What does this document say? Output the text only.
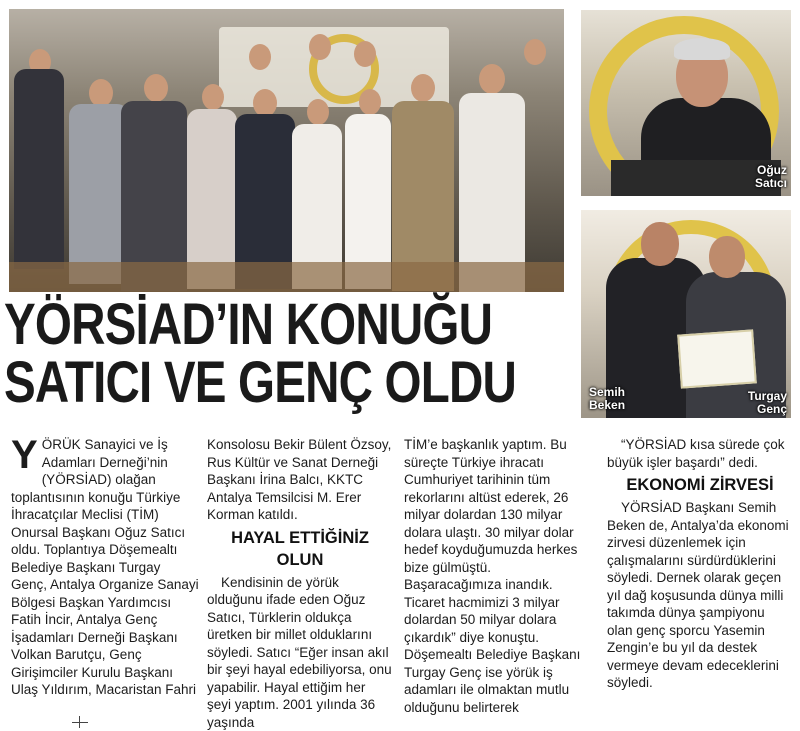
Oğuz
Satıcı
Semih
Beken
Turgay
Genç
YÖRSİAD’IN KONUĞU
SATICI VE GENÇ OLDU
Y ÖRÜK Sanayici ve İş Adamları Derneği’nin (YÖRSİAD) olağan toplantısının konuğu Türkiye İhracatçılar Meclisi (TİM) Onursal Başkanı Oğuz Satıcı oldu. Toplantıya Döşemealtı Belediye Başkanı Turgay Genç, Antalya Organize Sanayi Bölgesi Başkan Yardımcısı Fatih İncir, Antalya Genç İşadamları Derneği Başkanı Volkan Barutçu, Genç Girişimciler Kurulu Başkanı Ulaş Yıldırım, Macaristan Fahri

Konsolosu Bekir Bülent Özsoy, Rus Kültür ve Sanat Derneği Başkanı İrina Balcı, KKTC Antalya Temsilcisi M. Erer Korman katıldı.

HAYAL ETTİĞİNİZ OLUN

Kendisinin de yörük olduğunu ifade eden Oğuz Satıcı, Türklerin oldukça üretken bir millet olduklarını söyledi. Satıcı “Eğer insan akıl bir şeyi hayal edebiliyorsa, onu yapabilir. Hayal ettiğim her şeyi yaptım. 2001 yılında 36 yaşında

TİM’e başkanlık yaptım. Bu süreçte Türkiye ihracatı Cumhuriyet tarihinin tüm rekorlarını altüst ederek, 26 milyar dolardan 130 milyar dolara ulaştı. 30 milyar dolar hedef koyduğumuzda herkes bize gülmüştü. Başaracağımıza inandık. Ticaret hacmimizi 3 milyar dolardan 50 milyar dolara çıkardık” diye konuştu. Döşemealtı Belediye Başkanı Turgay Genç ise yörük iş adamları ile olmaktan mutlu olduğunu belirterek

“YÖRSİAD kısa sürede çok büyük işler başardı” dedi.

EKONOMİ ZİRVESİ

YÖRSİAD Başkanı Semih Beken de, Antalya’da ekonomi zirvesi düzenlemek için çalışmalarını sürdürdüklerini söyledi. Dernek olarak geçen yıl dağ koşusunda dünya milli takımda dünya şampiyonu olan genç sporcu Yasemin Zengin’e bu yıl da destek vermeye devam edeceklerini söyledi.
